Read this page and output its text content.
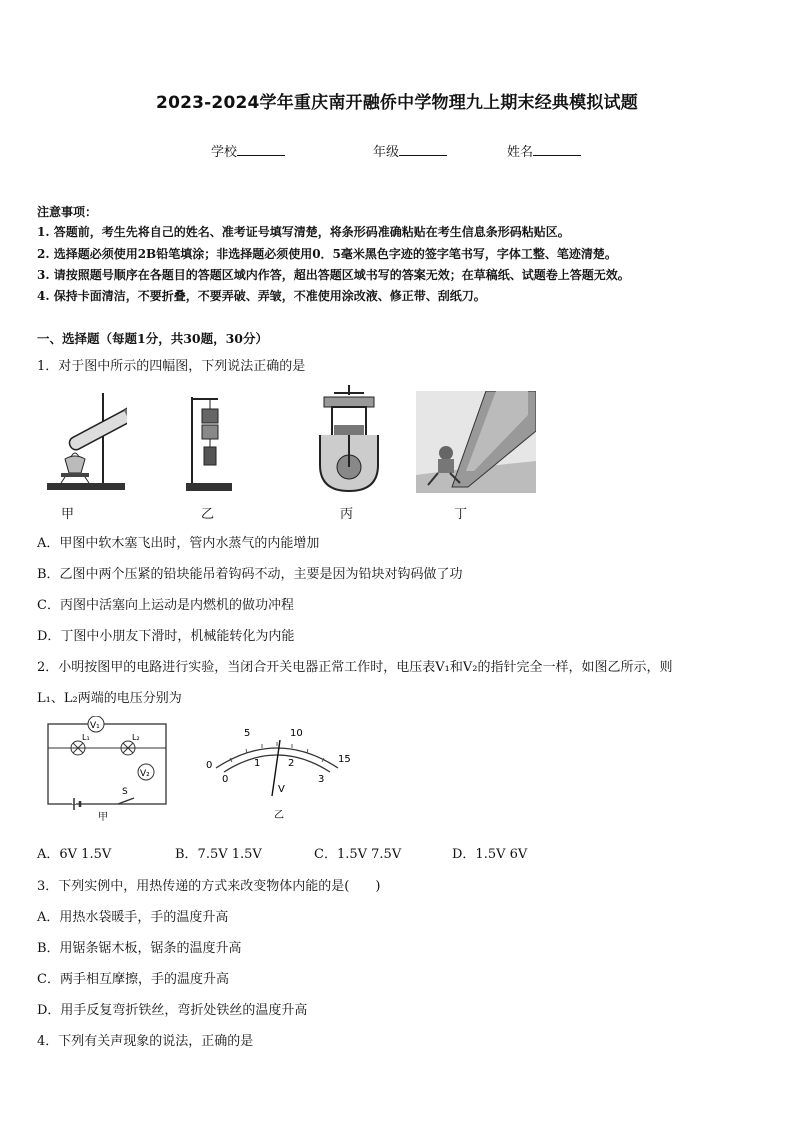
2023-2024学年重庆南开融侨中学物理九上期末经典模拟试题
学校	年级	姓名
注意事项：
1. 答题前，考生先将自己的姓名、准考证号填写清楚，将条形码准确粘贴在考生信息条形码粘贴区。
2. 选择题必须使用2B铅笔填涂；非选择题必须使用0．5毫米黑色字迹的签字笔书写，字体工整、笔迹清楚。
3. 请按照题号顺序在各题目的答题区域内作答，超出答题区域书写的答案无效；在草稿纸、试题卷上答题无效。
4. 保持卡面清洁，不要折叠，不要弄破、弄皱，不准使用涂改液、修正带、刮纸刀。
一、选择题（每题1分，共30题，30分）
1．对于图中所示的四幅图，下列说法正确的是
甲	乙	丙	丁
A．甲图中软木塞飞出时，管内水蒸气的内能增加
B．乙图中两个压紧的铅块能吊着钩码不动，主要是因为铅块对钩码做了功
C．丙图中活塞向上运动是内燃机的做功冲程
D．丁图中小朋友下滑时，机械能转化为内能
2．小明按图甲的电路进行实验，当闭合开关电器正常工作时，电压表V₁和V₂的指针完全一样，如图乙所示，则
L₁、L₂两端的电压分别为
V₁
L₁	L₂
V₂
S
甲
0
5	10
15
0
1	2
3
V
乙
A．6V 1.5V	B．7.5V 1.5V	C．1.5V 7.5V	D．1.5V 6V
3．下列实例中，用热传递的方式来改变物体内能的是(　　)
A．用热水袋暖手，手的温度升高
B．用锯条锯木板，锯条的温度升高
C．两手相互摩擦，手的温度升高
D．用手反复弯折铁丝，弯折处铁丝的温度升高
4．下列有关声现象的说法，正确的是
